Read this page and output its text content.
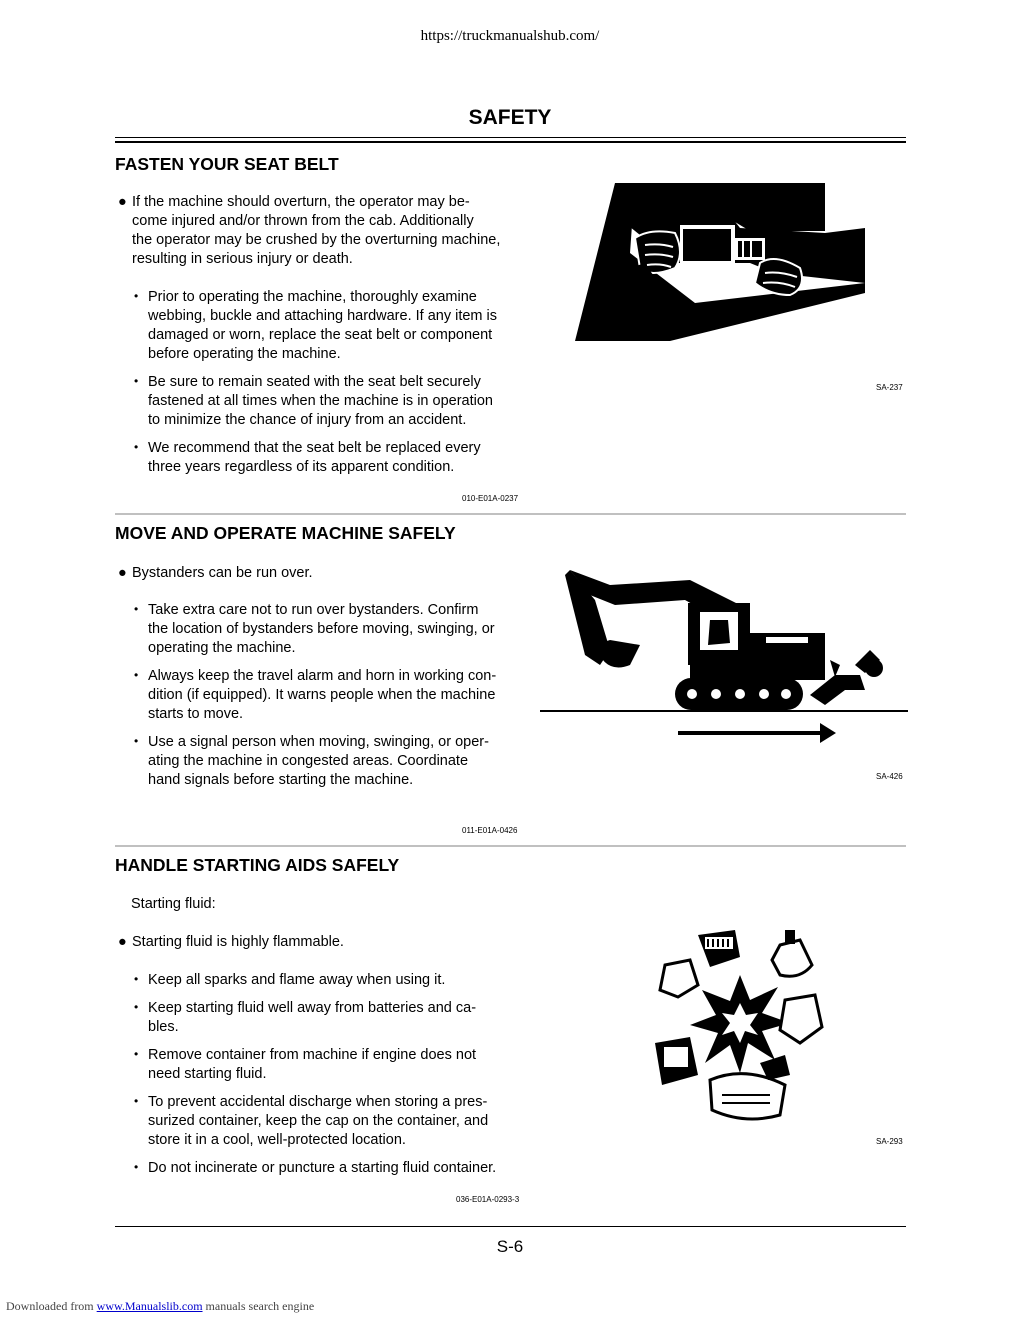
https://truckmanualshub.com/
SAFETY
FASTEN YOUR SEAT BELT
● If the machine should overturn, the operator may be-
come injured and/or thrown from the cab. Additionally
the operator may be crushed by the overturning machine,
resulting in serious injury or death.
• Prior to operating the machine, thoroughly examine
webbing, buckle and attaching hardware. If any item is
damaged or worn, replace the seat belt or component
before operating the machine.
• Be sure to remain seated with the seat belt securely
fastened at all times when the machine is in operation
to minimize the chance of injury from an accident.
• We recommend that the seat belt be replaced every
three years regardless of its apparent condition.
010-E01A-0237
SA-237
MOVE AND OPERATE MACHINE SAFELY
● Bystanders can be run over.
• Take extra care not to run over bystanders. Confirm
the location of bystanders before moving, swinging, or
operating the machine.
• Always keep the travel alarm and horn in working con-
dition (if equipped). It warns people when the machine
starts to move.
• Use a signal person when moving, swinging, or oper-
ating the machine in congested areas. Coordinate
hand signals before starting the machine.
011-E01A-0426
SA-426
HANDLE STARTING AIDS SAFELY
Starting fluid:
● Starting fluid is highly flammable.
• Keep all sparks and flame away when using it.
• Keep starting fluid well away from batteries and ca-
bles.
• Remove container from machine if engine does not
need starting fluid.
• To prevent accidental discharge when storing a pres-
surized container, keep the cap on the container, and
store it in a cool, well-protected location.
• Do not incinerate or puncture a starting fluid container.
036-E01A-0293-3
SA-293
S-6
Downloaded from www.Manualslib.com manuals search engine
